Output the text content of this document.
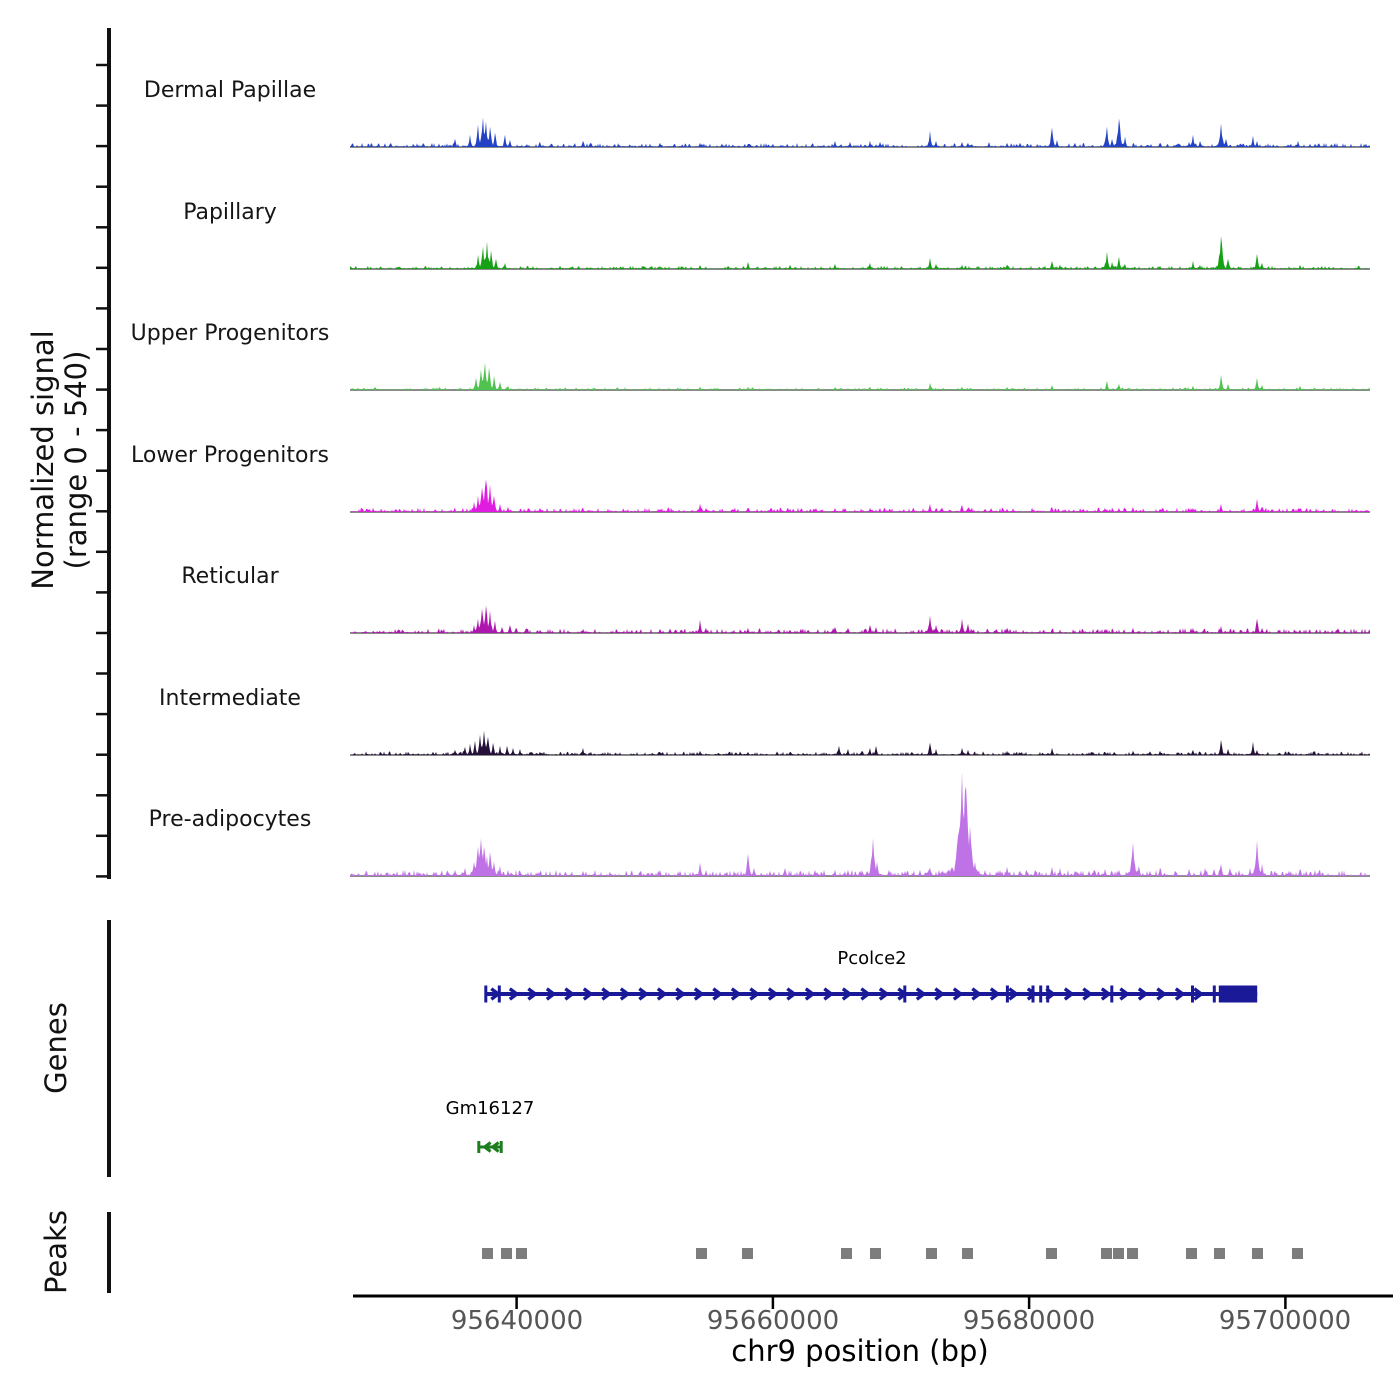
Normalized signal (range 0 - 540)
Dermal Papillae
Papillary
Upper Progenitors
Lower Progenitors
Reticular
Intermediate
Pre-adipocytes
Genes
Pcolce2
Gm16127
Peaks
95640000	95660000	95680000	95700000
chr9 position (bp)
